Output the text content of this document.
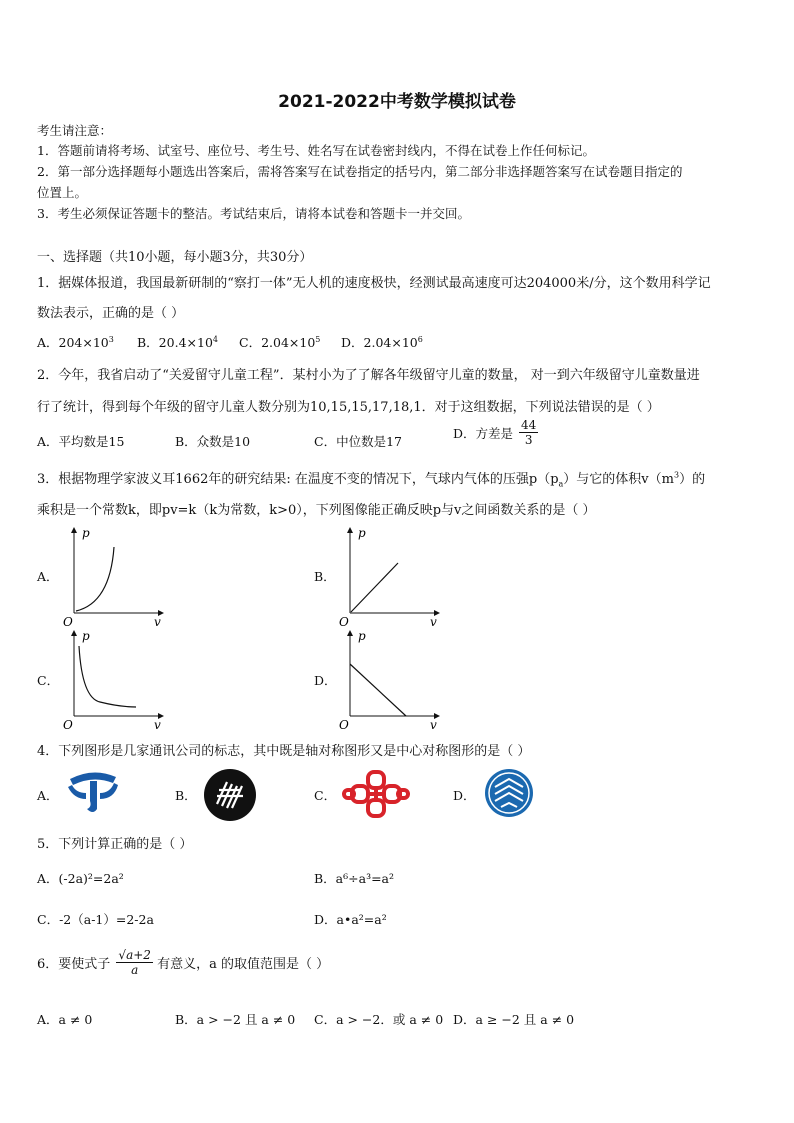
2021-2022中考数学模拟试卷
考生请注意：
1．答题前请将考场、试室号、座位号、考生号、姓名写在试卷密封线内，不得在试卷上作任何标记。
2．第一部分选择题每小题选出答案后，需将答案写在试卷指定的括号内，第二部分非选择题答案写在试卷题目指定的
位置上。
3．考生必须保证答题卡的整洁。考试结束后，请将本试卷和答题卡一并交回。
一、选择题（共10小题，每小题3分，共30分）
1．据媒体报道，我国最新研制的“察打一体”无人机的速度极快，经测试最高速度可达204000米/分，这个数用科学记
数法表示，正确的是（ ）
A．$204\times 10^3$ B．$20.4\times 10^4$ C．$2.04\times 10^5$ D．$2.04\times 10^6$
2．今年，我省启动了“关爱留守儿童工程”．某村小为了了解各年级留守儿童的数量， 对一到六年级留守儿童数量进
行了统计，得到每个年级的留守儿童人数分别为10,15,15,17,18,1．对于这组数据，下列说法错误的是（ ）
A．平均数是15	B．众数是10	C．中位数是17
D．方差是 $\frac{44}{3}$
3．根据物理学家波义耳1662年的研究结果: 在温度不变的情况下，气球内气体的压强$p(p_a)$与它的体积$v(m^3)$的
乘积是一个常数k，即pv=k（k为常数，k>0），下列图像能正确反映p与v之间函数关系的是（ ）
A．	B．
C．	D．
p
O	v
p
O	v
p
O	v
p
O	v
4．下列图形是几家通讯公司的标志，其中既是轴对称图形又是中心对称图形的是（ ）
A．	B．	C．	D．
5．下列计算正确的是（ ）
A．(-2a)²=2a²	B．a⁶÷a³=a²
C．-2（a-1）=2-2a	D．a•a²=a²
6．要使式子 $\frac{√a+2}{a}$ 有意义，a 的取值范围是（ ）
A．a ≠ 0	B．a > −2 且 a ≠ 0 C．a > −2．或 a ≠ 0 D．a ≥ −2 且 a ≠ 0
